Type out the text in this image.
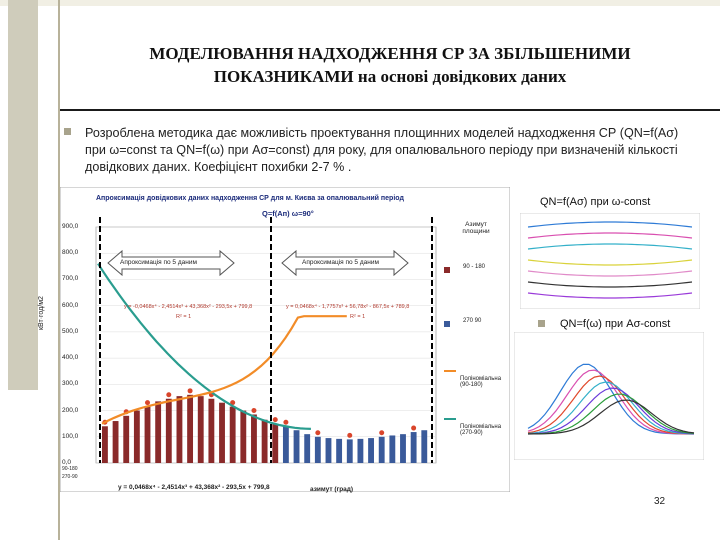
МОДЕЛЮВАННЯ НАДХОДЖЕННЯ СР ЗА ЗБІЛЬШЕНИМИ
ПОКАЗНИКАМИ на основі довідкових даних
Розроблена методика дає можливість проектування площинних моделей надходження СР (QN=f(Aσ) при ω=const та QN=f(ω) при Aσ=const) для року, для опалювального періоду при визначеній кількості довідкових даних. Коефіцієнт похибки 2-7 % .
Апроксимація довідкових даних надходження СР для м. Києва за опалювальний період
Q=f(Ап) ω=90°
Азимут площини
кВт·год/м2
900,0
800,0
700,0
600,0
500,0
400,0
300,0
200,0
100,0
0,0
Апроксимація по 5 даним	Апроксимація по 5 даним
y = -0,0468x⁴ - 2,4514x³ + 43,368x² - 293,5x + 799,8
R² = 1
y = 0,0468x⁴ - 1,7757x³ + 56,78x² - 867,5x + 789,8
R² = 1
90 - 180
270 90
Поліноміальна (90-180)
Поліноміальна (270-90)
90-180
270-90
y = 0,0468x⁴ - 2,4514x³ + 43,368x² - 293,5x + 799,8	азимут (град)
QN=f(Aσ) при ω-const
QN=f(ω) при Aσ-const
32
